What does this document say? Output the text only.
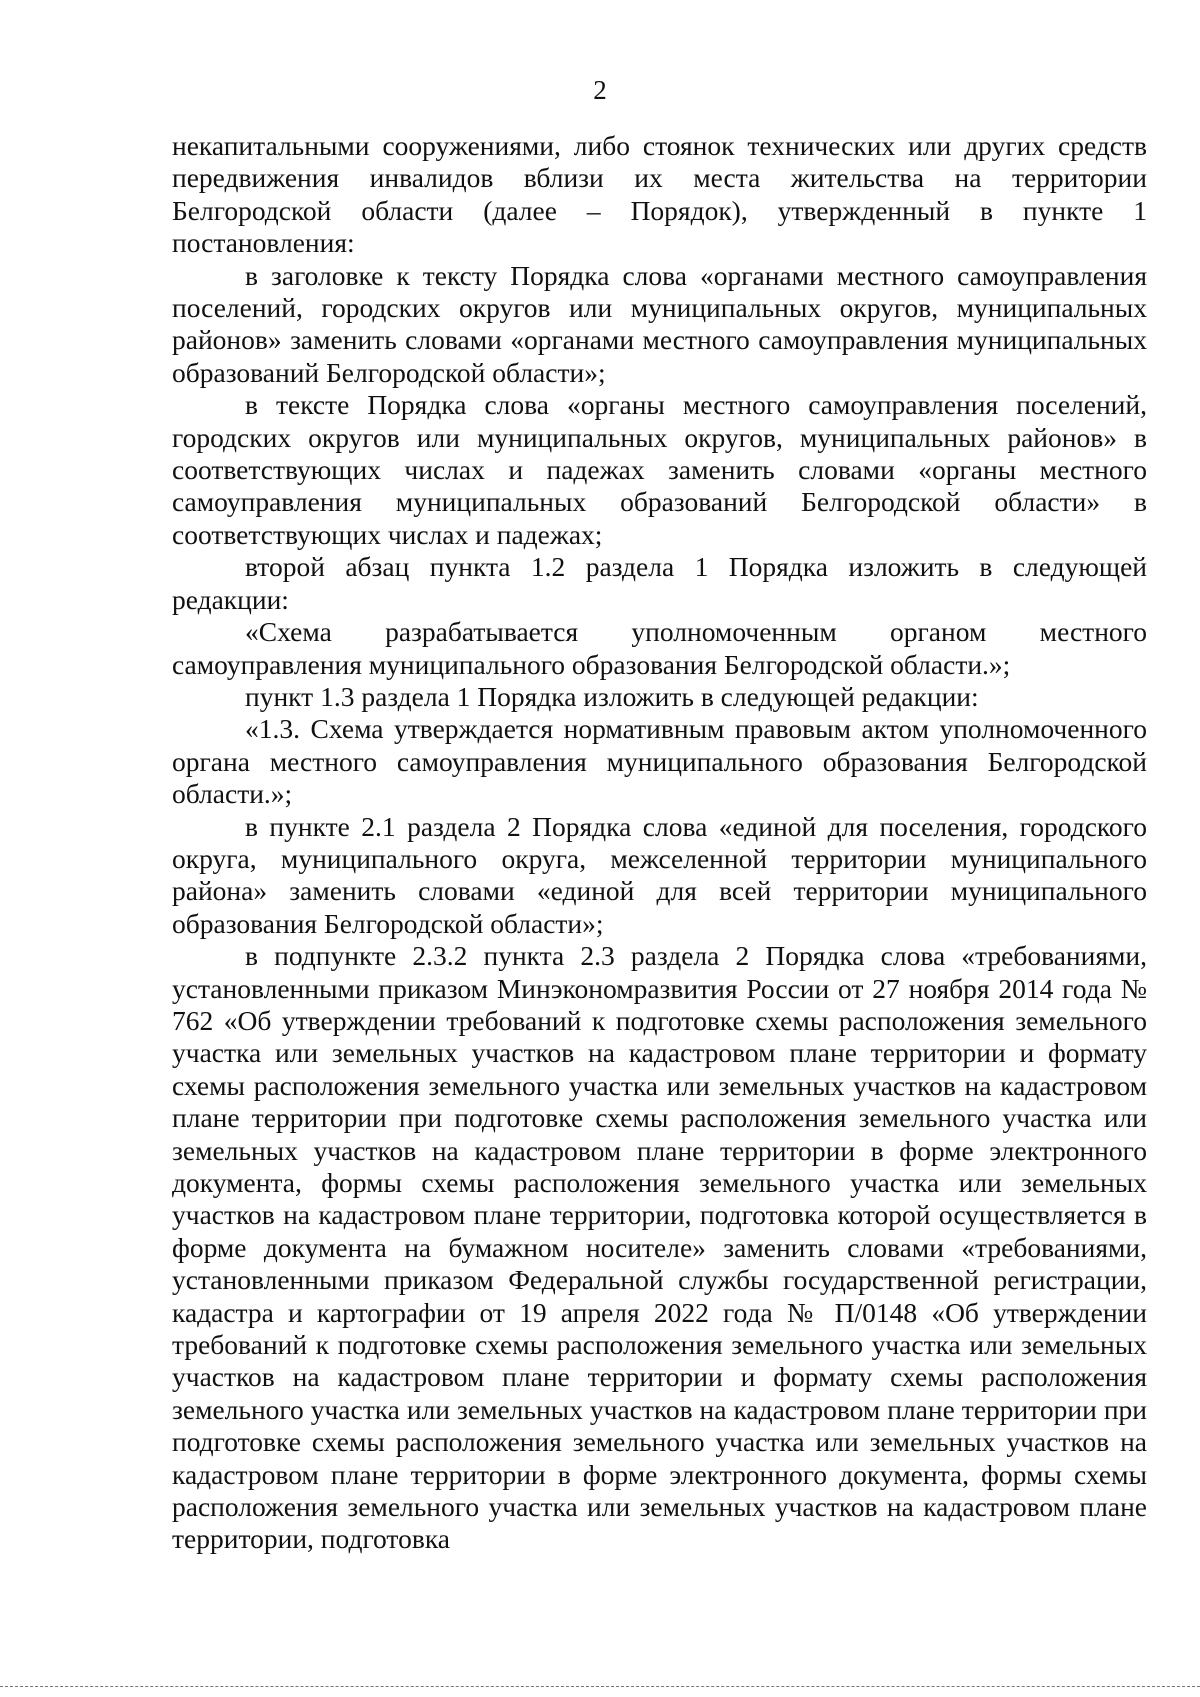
2

некапитальными сооружениями, либо стоянок технических или других средств передвижения инвалидов вблизи их места жительства на территории Белгородской области (далее – Порядок), утвержденный в пункте 1 постановления:

в заголовке к тексту Порядка слова «органами местного самоуправления поселений, городских округов или муниципальных округов, муниципальных районов» заменить словами «органами местного самоуправления муниципальных образований Белгородской области»;

в тексте Порядка слова «органы местного самоуправления поселений, городских округов или муниципальных округов, муниципальных районов» в соответствующих числах и падежах заменить словами «органы местного самоуправления муниципальных образований Белгородской области» в соответствующих числах и падежах;

второй абзац пункта 1.2 раздела 1 Порядка изложить в следующей редакции:

«Схема разрабатывается уполномоченным органом местного самоуправления муниципального образования Белгородской области.»;

пункт 1.3 раздела 1 Порядка изложить в следующей редакции:

«1.3. Схема утверждается нормативным правовым актом уполномоченного органа местного самоуправления муниципального образования Белгородской области.»;

в пункте 2.1 раздела 2 Порядка слова «единой для поселения, городского округа, муниципального округа, межселенной территории муниципального района» заменить словами «единой для всей территории муниципального образования Белгородской области»;

в подпункте 2.3.2 пункта 2.3 раздела 2 Порядка слова «требованиями, установленными приказом Минэкономразвития России от 27 ноября 2014 года № 762 «Об утверждении требований к подготовке схемы расположения земельного участка или земельных участков на кадастровом плане территории и формату схемы расположения земельного участка или земельных участков на кадастровом плане территории при подготовке схемы расположения земельного участка или земельных участков на кадастровом плане территории в форме электронного документа, формы схемы расположения земельного участка или земельных участков на кадастровом плане территории, подготовка которой осуществляется в форме документа на бумажном носителе» заменить словами «требованиями, установленными приказом Федеральной службы государственной регистрации, кадастра и картографии от 19 апреля 2022 года № П/0148 «Об утверждении требований к подготовке схемы расположения земельного участка или земельных участков на кадастровом плане территории и формату схемы расположения земельного участка или земельных участков на кадастровом плане территории при подготовке схемы расположения земельного участка или земельных участков на кадастровом плане территории в форме электронного документа, формы схемы расположения земельного участка или земельных участков на кадастровом плане территории, подготовка
